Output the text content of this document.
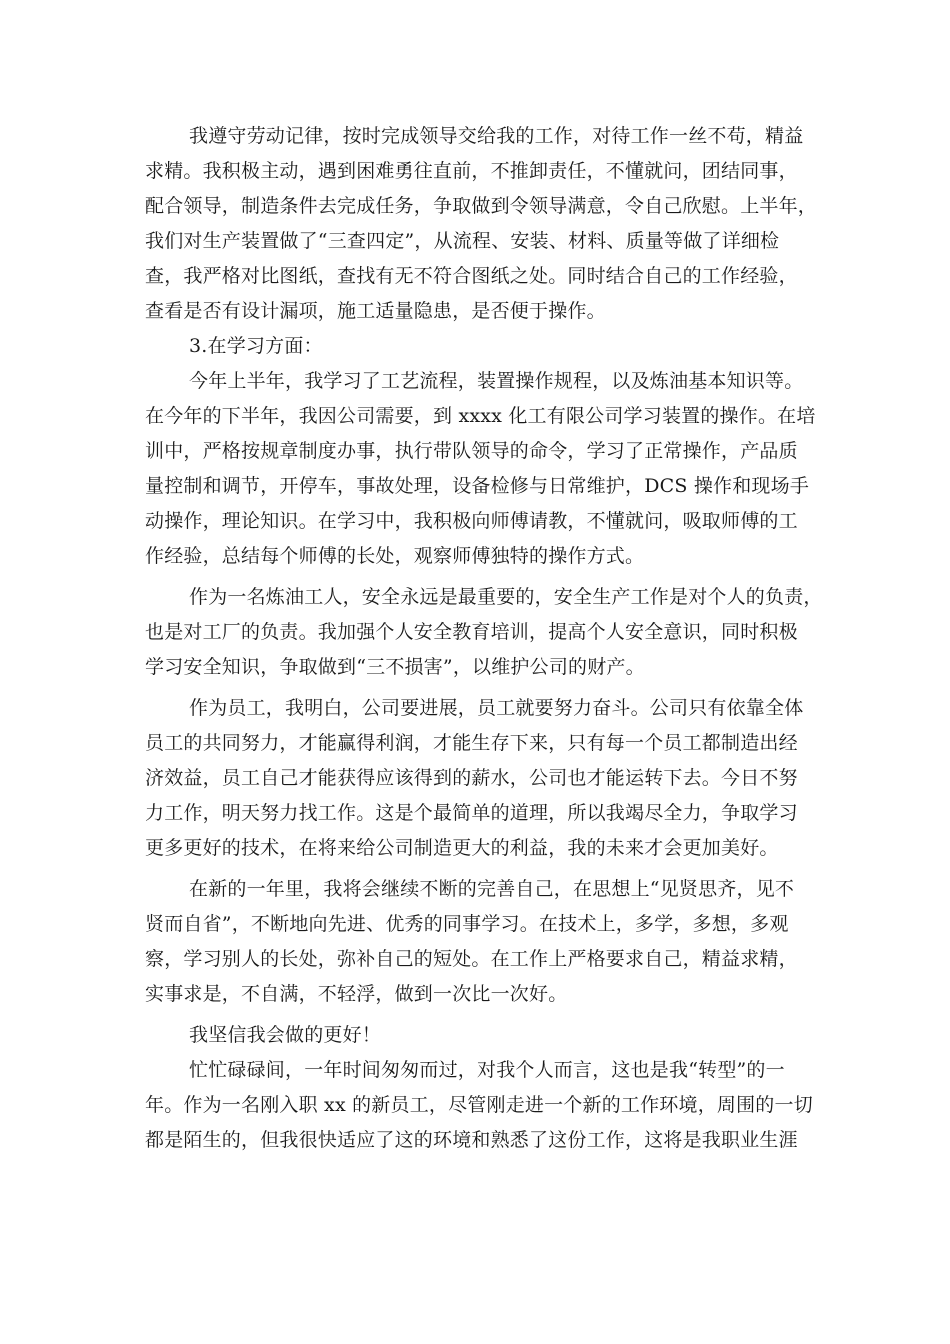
我遵守劳动记律，按时完成领导交给我的工作，对待工作一丝不苟，精益
求精。我积极主动，遇到困难勇往直前，不推卸责任，不懂就问，团结同事，
配合领导，制造条件去完成任务，争取做到令领导满意，令自己欣慰。上半年，
我们对生产装置做了“三查四定”，从流程、安装、材料、质量等做了详细检
查，我严格对比图纸，查找有无不符合图纸之处。同时结合自己的工作经验，
查看是否有设计漏项，施工适量隐患，是否便于操作。
3.在学习方面：
今年上半年，我学习了工艺流程，装置操作规程，以及炼油基本知识等。
在今年的下半年，我因公司需要，到 xxxx 化工有限公司学习装置的操作。在培
训中，严格按规章制度办事，执行带队领导的命令，学习了正常操作，产品质
量控制和调节，开停车，事故处理，设备检修与日常维护，DCS 操作和现场手
动操作，理论知识。在学习中，我积极向师傅请教，不懂就问，吸取师傅的工
作经验，总结每个师傅的长处，观察师傅独特的操作方式。
作为一名炼油工人，安全永远是最重要的，安全生产工作是对个人的负责，
也是对工厂的负责。我加强个人安全教育培训，提高个人安全意识，同时积极
学习安全知识，争取做到“三不损害”，以维护公司的财产。
作为员工，我明白，公司要进展，员工就要努力奋斗。公司只有依靠全体
员工的共同努力，才能赢得利润，才能生存下来，只有每一个员工都制造出经
济效益，员工自己才能获得应该得到的薪水，公司也才能运转下去。今日不努
力工作，明天努力找工作。这是个最简单的道理，所以我竭尽全力，争取学习
更多更好的技术，在将来给公司制造更大的利益，我的未来才会更加美好。
在新的一年里，我将会继续不断的完善自己，在思想上“见贤思齐，见不
贤而自省”，不断地向先进、优秀的同事学习。在技术上，多学，多想，多观
察，学习别人的长处，弥补自己的短处。在工作上严格要求自己，精益求精，
实事求是，不自满，不轻浮，做到一次比一次好。
我坚信我会做的更好！
忙忙碌碌间，一年时间匆匆而过，对我个人而言，这也是我“转型”的一
年。作为一名刚入职 xx 的新员工，尽管刚走进一个新的工作环境，周围的一切
都是陌生的，但我很快适应了这的环境和熟悉了这份工作，这将是我职业生涯
